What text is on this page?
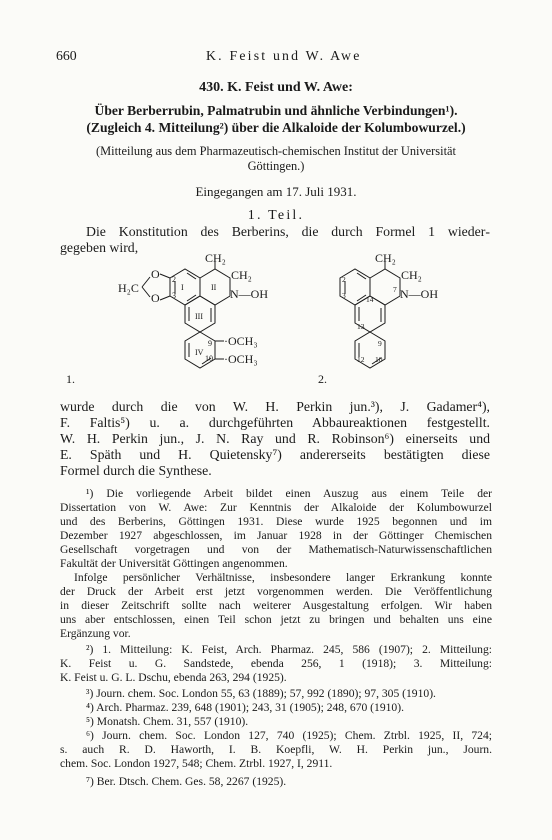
660	K. Feist und W. Awe
430. K. Feist und W. Awe:
Über Berberrubin, Palmatrubin und ähnliche Verbindungen¹).
(Zugleich 4. Mitteilung²) über die Alkaloide der Kolumbowurzel.)
(Mitteilung aus dem Pharmazeutisch‐chemischen Institut der Universität
Göttingen.)
Eingegangen am 17. Juli 1931.
1. Teil.
Die Konstitution des Berberins, die durch Formel 1 wieder‐
gegeben wird,
CH₂
CH₂
N—OH
H₂C
O
O
·OCH₃
·OCH₃
1.
I	II
III
IV
2
3
9
10
CH₂
CH₂
N—OH
2.
2
3
7
9
10
12
13
14
wurde durch die von W. H. Perkin jun.³), J. Gadamer⁴),
F. Faltis⁵) u. a. durchgeführten Abbaureaktionen festgestellt.
W. H. Perkin jun., J. N. Ray und R. Robinson⁶) einerseits und
E. Späth und H. Quietensky⁷) andererseits bestätigten diese
Formel durch die Synthese.
¹) Die vorliegende Arbeit bildet einen Auszug aus einem Teile der
Dissertation von W. Awe: Zur Kenntnis der Alkaloide der Kolumbowurzel
und des Berberins, Göttingen 1931. Diese wurde 1925 begonnen und im
Dezember 1927 abgeschlossen, im Januar 1928 in der Göttinger Chemischen
Gesellschaft vorgetragen und von der Mathematisch‐Naturwissenschaftlichen
Fakultät der Universität Göttingen angenommen.
Infolge persönlicher Verhältnisse, insbesondere langer Erkrankung konnte
der Druck der Arbeit erst jetzt vorgenommen werden. Die Veröffentlichung
in dieser Zeitschrift sollte nach weiterer Ausgestaltung erfolgen. Wir haben
uns aber entschlossen, einen Teil schon jetzt zu bringen und behalten uns eine
Ergänzung vor.
²) 1. Mitteilung: K. Feist, Arch. Pharmaz. 245, 586 (1907); 2. Mitteilung:
K. Feist u. G. Sandstede, ebenda 256, 1 (1918); 3. Mitteilung:
K. Feist u. G. L. Dschu, ebenda 263, 294 (1925).
³) Journ. chem. Soc. London 55, 63 (1889); 57, 992 (1890); 97, 305 (1910).
⁴) Arch. Pharmaz. 239, 648 (1901); 243, 31 (1905); 248, 670 (1910).
⁵) Monatsh. Chem. 31, 557 (1910).
⁶) Journ. chem. Soc. London 127, 740 (1925); Chem. Ztrbl. 1925, II, 724;
s. auch R. D. Haworth, I. B. Koepfli, W. H. Perkin jun., Journ.
chem. Soc. London 1927, 548; Chem. Ztrbl. 1927, I, 2911.
⁷) Ber. Dtsch. Chem. Ges. 58, 2267 (1925).
